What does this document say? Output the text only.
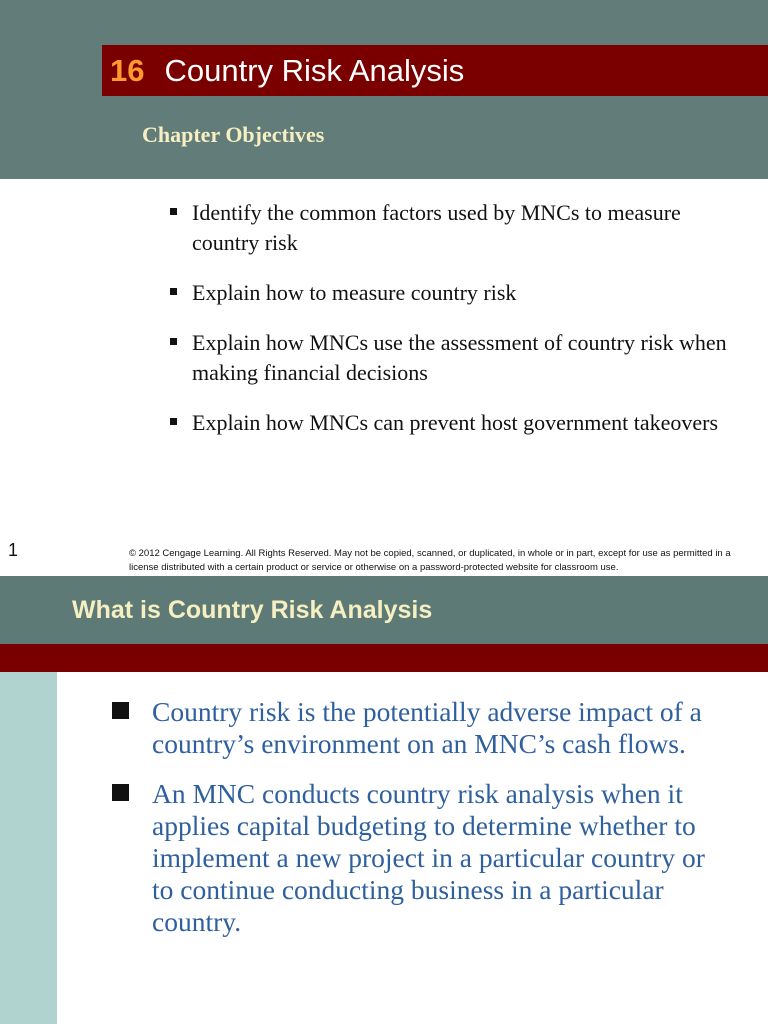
16 Country Risk Analysis
Chapter Objectives
Identify the common factors used by MNCs to measure country risk
Explain how to measure country risk
Explain how MNCs use the assessment of country risk when making financial decisions
Explain how MNCs can prevent host government takeovers
1	© 2012 Cengage Learning. All Rights Reserved. May not be copied, scanned, or duplicated, in whole or in part, except for use as permitted in a license distributed with a certain product or service or otherwise on a password-protected website for classroom use.
What is Country Risk Analysis
Country risk is the potentially adverse impact of a country’s environment on an MNC’s cash flows.
An MNC conducts country risk analysis when it applies capital budgeting to determine whether to implement a new project in a particular country or to continue conducting business in a particular country.
